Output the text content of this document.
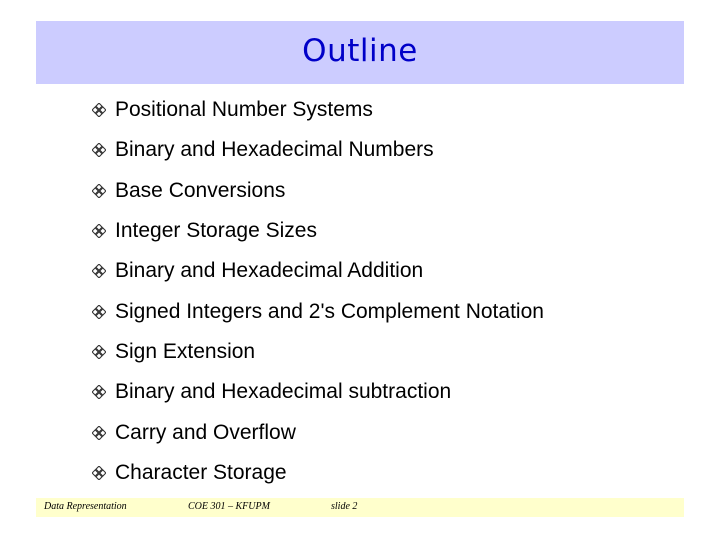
Outline
Positional Number Systems
Binary and Hexadecimal Numbers
Base Conversions
Integer Storage Sizes
Binary and Hexadecimal Addition
Signed Integers and 2's Complement Notation
Sign Extension
Binary and Hexadecimal subtraction
Carry and Overflow
Character Storage
Data Representation	COE 301 – KFUPM	slide 2
